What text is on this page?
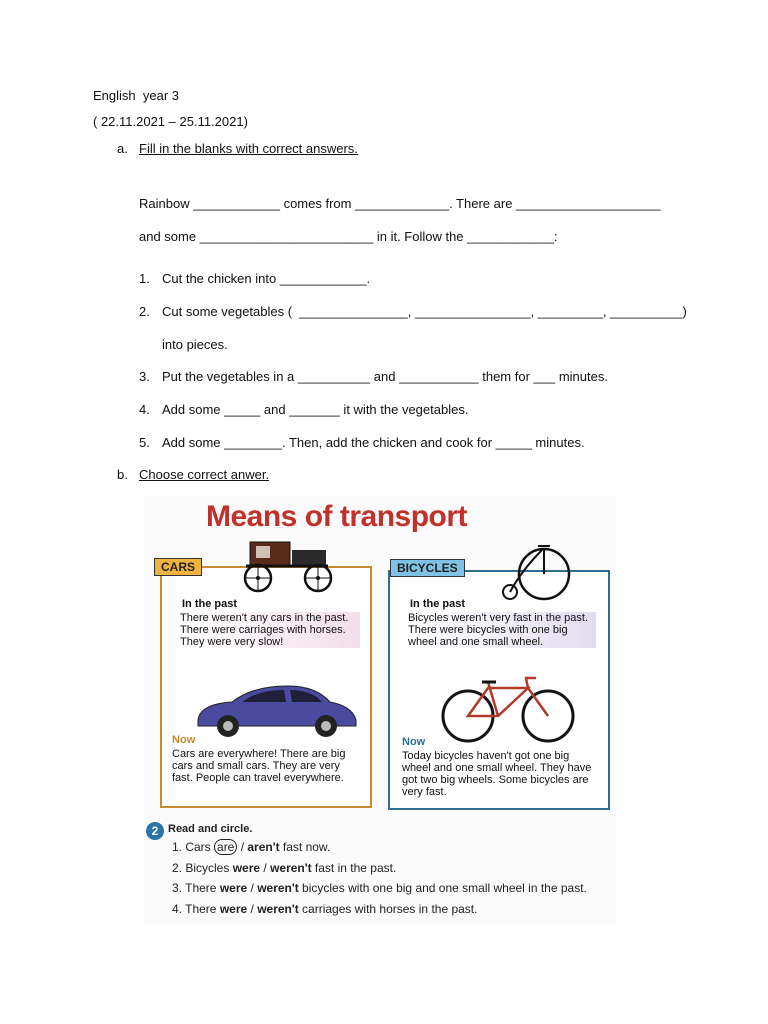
English  year 3
( 22.11.2021 – 25.11.2021)
a. Fill in the blanks with correct answers.
Rainbow ____________ comes from _____________. There are ____________________
and some ________________________ in it. Follow the ____________:
1. Cut the chicken into ____________.
2. Cut some vegetables (  _______________, ________________, _________, __________)
into pieces.
3. Put the vegetables in a __________ and ___________ them for ___ minutes.
4. Add some _____ and _______ it with the vegetables.
5. Add some ________. Then, add the chicken and cook for _____ minutes.
b. Choose correct anwer.
Means of transport
CARS
In the past
There weren't any cars in the past. There were carriages with horses. They were very slow!
Now
Cars are everywhere! There are big cars and small cars. They are very fast. People can travel everywhere.
BICYCLES
In the past
Bicycles weren't very fast in the past. There were bicycles with one big wheel and one small wheel.
Now
Today bicycles haven't got one big wheel and one small wheel. They have got two big wheels. Some bicycles are very fast.
2 Read and circle.
1. Cars are / aren't fast now.
2. Bicycles were / weren't fast in the past.
3. There were / weren't bicycles with one big and one small wheel in the past.
4. There were / weren't carriages with horses in the past.
